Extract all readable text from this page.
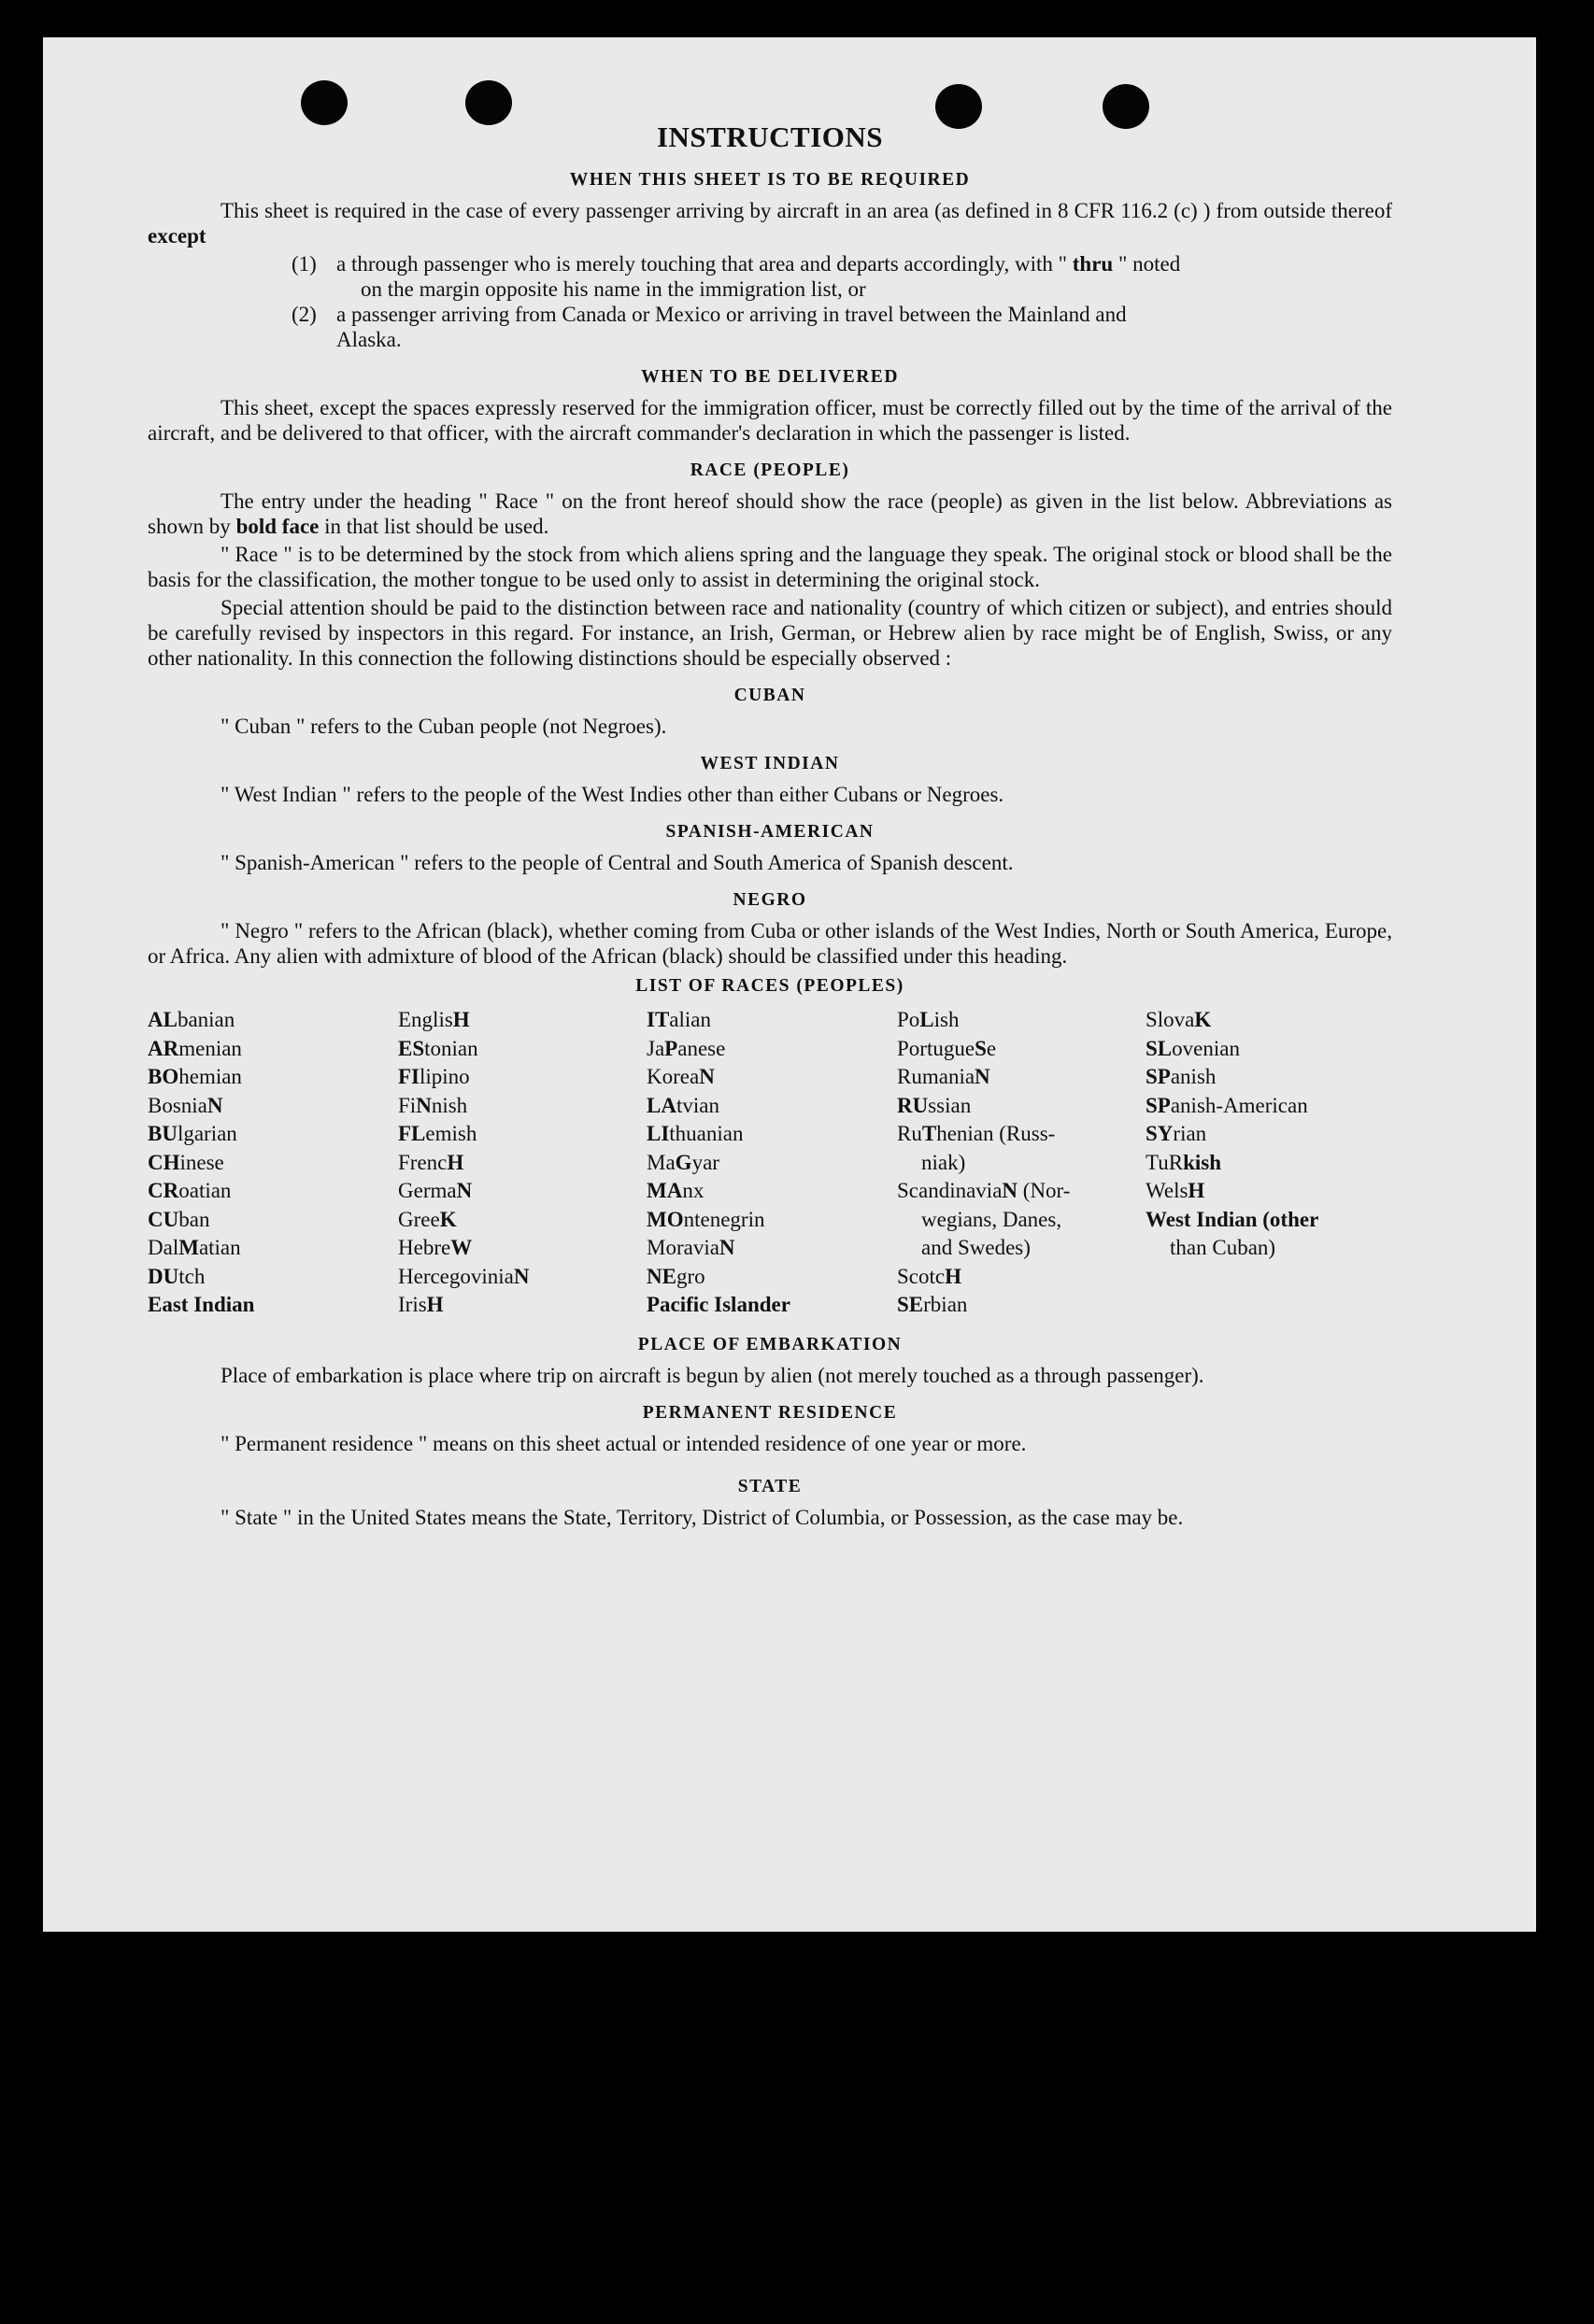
INSTRUCTIONS
WHEN THIS SHEET IS TO BE REQUIRED

This sheet is required in the case of every passenger arriving by aircraft in an area (as defined in 8 CFR 116.2 (c) ) from outside thereof except

(1) a through passenger who is merely touching that area and departs accordingly, with " thru " noted
on the margin opposite his name in the immigration list, or
(2) a passenger arriving from Canada or Mexico or arriving in travel between the Mainland and
Alaska.
WHEN TO BE DELIVERED

This sheet, except the spaces expressly reserved for the immigration officer, must be correctly filled out by the time of the arrival of the aircraft, and be delivered to that officer, with the aircraft commander's declaration in which the passenger is listed.

RACE (PEOPLE)

The entry under the heading " Race " on the front hereof should show the race (people) as given in the list below. Abbreviations as shown by bold face in that list should be used.

" Race " is to be determined by the stock from which aliens spring and the language they speak. The original stock or blood shall be the basis for the classification, the mother tongue to be used only to assist in determining the original stock.

Special attention should be paid to the distinction between race and nationality (country of which citizen or subject), and entries should be carefully revised by inspectors in this regard. For instance, an Irish, German, or Hebrew alien by race might be of English, Swiss, or any other nationality. In this connection the following distinctions should be especially observed :

CUBAN

" Cuban " refers to the Cuban people (not Negroes).

WEST INDIAN

" West Indian " refers to the people of the West Indies other than either Cubans or Negroes.

SPANISH-AMERICAN

" Spanish-American " refers to the people of Central and South America of Spanish descent.

NEGRO

" Negro " refers to the African (black), whether coming from Cuba or other islands of the West Indies, North or South America, Europe, or Africa. Any alien with admixture of blood of the African (black) should be classified under this heading.

LIST OF RACES (PEOPLES)
ALbanian
ARmenian
BOhemian
BosniaN
BUlgarian
CHinese
CRoatian
CUban
DalMatian
DUtch
East Indian
EnglisH
EStonian
FIlipino
FiNnish
FLemish
FrencH
GermaN
GreeK
HebreW
HercegoviniaN
IrisH
ITalian
JaPanese
KoreaN
LAtvian
LIthuanian
MaGyar
MAnx
MOntenegrin
MoraviaN
NEgro
Pacific Islander
PoLish
PortugueSe
RumaniaN
RUssian
RuThenian (Russ-
niak)
ScandinaviaN (Nor-
wegians, Danes,
and Swedes)
ScotcH
SErbian
SlovaK
SLovenian
SPanish
SPanish-American
SYrian
TuRkish
WelsH
West Indian (other
than Cuban)
PLACE OF EMBARKATION

Place of embarkation is place where trip on aircraft is begun by alien (not merely touched as a through passenger).

PERMANENT RESIDENCE

" Permanent residence " means on this sheet actual or intended residence of one year or more.

STATE

" State " in the United States means the State, Territory, District of Columbia, or Possession, as the case may be.
